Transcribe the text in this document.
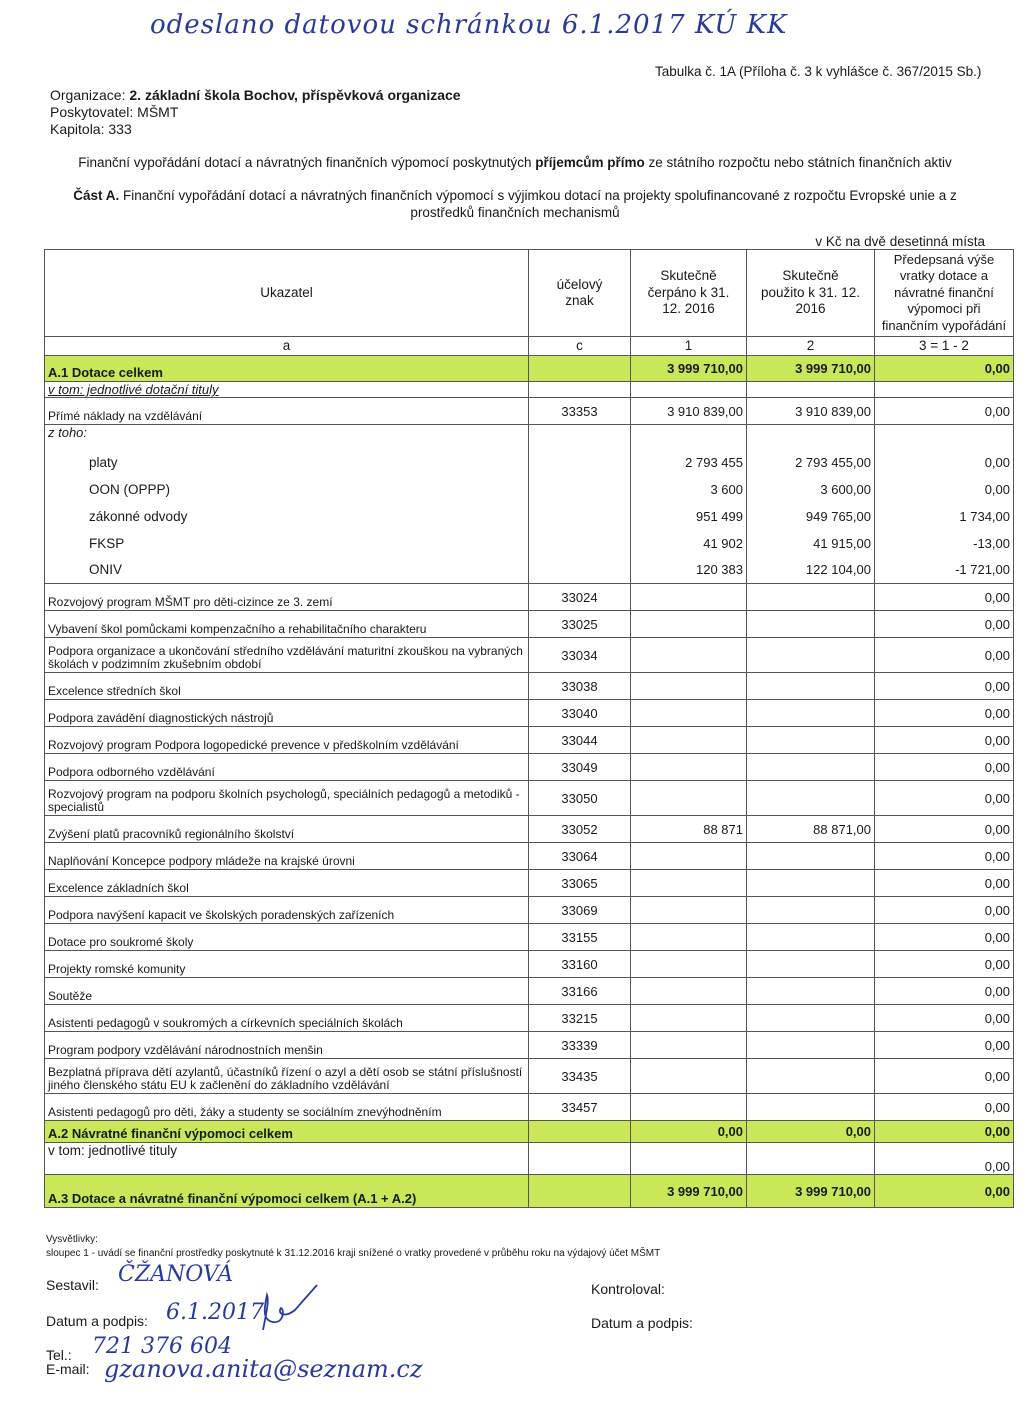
odeslano datovou schránkou 6.1.2017 KÚ KK
Tabulka č. 1A (Příloha č. 3 k vyhlášce č. 367/2015 Sb.)
Organizace: 2. základní škola Bochov, příspěvková organizace
Poskytovatel: MŠMT
Kapitola: 333
Finanční vypořádání dotací a návratných finančních výpomocí poskytnutých příjemcům přímo ze státního rozpočtu nebo státních finančních aktiv
Část A. Finanční vypořádání dotací a návratných finančních výpomocí s výjimkou dotací na projekty spolufinancované z rozpočtu Evropské unie a z prostředků finančních mechanismů
v Kč na dvě desetinná místa
Ukazatel	účelový znak	Skutečně čerpáno k 31. 12. 2016	Skutečně použito k 31. 12. 2016	Předepsaná výše vratky dotace a návratné finanční výpomoci při finančním vypořádání
a	c	1	2	3 = 1 - 2
A.1 Dotace celkem		3 999 710,00	3 999 710,00	0,00
v tom: jednotlivé dotační tituly				
Přímé náklady na vzdělávání	33353	3 910 839,00	3 910 839,00	0,00
z toho:				
platy		2 793 455	2 793 455,00	0,00
OON (OPPP)		3 600	3 600,00	0,00
zákonné odvody		951 499	949 765,00	1 734,00
FKSP		41 902	41 915,00	-13,00
ONIV		120 383	122 104,00	-1 721,00
Rozvojový program MŠMT pro děti-cizince ze 3. zemí	33024			0,00
Vybavení škol pomůckami kompenzačního a rehabilitačního charakteru	33025			0,00
Podpora organizace a ukončování středního vzdělávání maturitní zkouškou na vybraných školách v podzimním zkušebním období	33034			0,00
Excelence středních škol	33038			0,00
Podpora zavádění diagnostických nástrojů	33040			0,00
Rozvojový program Podpora logopedické prevence v předškolním vzdělávání	33044			0,00
Podpora odborného vzdělávání	33049			0,00
Rozvojový program na podporu školních psychologů, speciálních pedagogů a metodiků - specialistů	33050			0,00
Zvýšení platů pracovníků regionálního školství	33052	88 871	88 871,00	0,00
Naplňování Koncepce podpory mládeže na krajské úrovni	33064			0,00
Excelence základních škol	33065			0,00
Podpora navýšení kapacit ve školských poradenských zařízeních	33069			0,00
Dotace pro soukromé školy	33155			0,00
Projekty romské komunity	33160			0,00
Soutěže	33166			0,00
Asistenti pedagogů v soukromých a církevních speciálních školách	33215			0,00
Program podpory vzdělávání národnostních menšin	33339			0,00
Bezplatná příprava dětí azylantů, účastníků řízení o azyl a dětí osob se státní příslušností jiného členského státu EU k začlenění do základního vzdělávání	33435			0,00
Asistenti pedagogů pro děti, žáky a studenty se sociálním znevýhodněním	33457			0,00
A.2 Návratné finanční výpomoci celkem		0,00	0,00	0,00
v tom: jednotlivé tituly				0,00
A.3 Dotace a návratné finanční výpomoci celkem (A.1 + A.2)		3 999 710,00	3 999 710,00	0,00
Vysvětlivky:
sloupec 1 - uvádí se finanční prostředky poskytnuté k 31.12.2016 kraji snížené o vratky provedené v průběhu roku na výdajový účet MŠMT
Sestavil: ČŽANOVÁ
Kontroloval:
Datum a podpis: 6.1.2017	Datum a podpis:
Tel.:
E-mail:
721 376 604
gzanova.anita@seznam.cz
